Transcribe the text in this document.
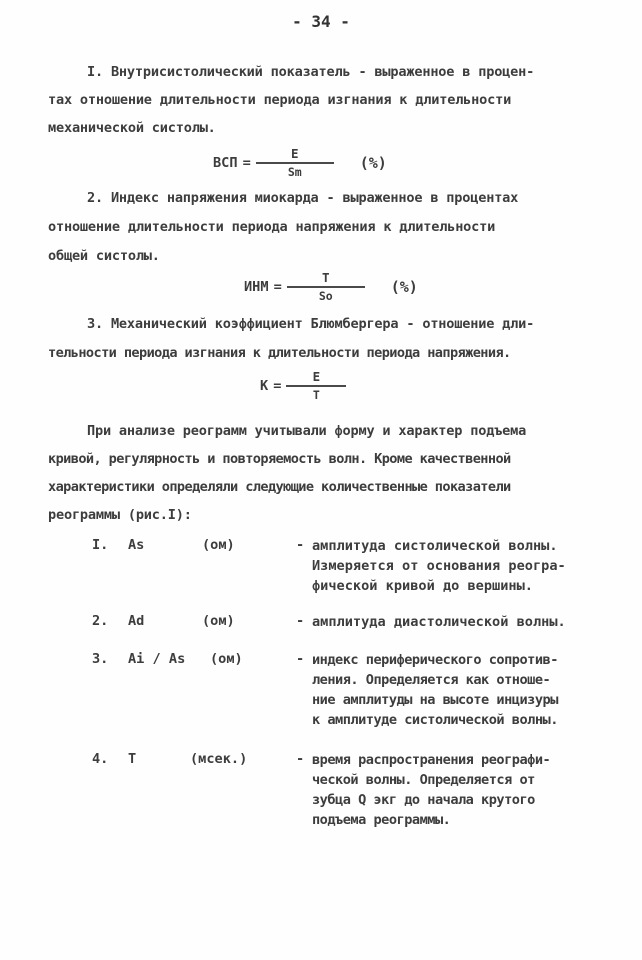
- 34 -
I. Внутрисистолический показатель - выраженное в процен-
тах отношение длительности периода изгнания к длительности
механической систолы.
ВСП = $\frac{E}{Sm}$ (%)
2. Индекс напряжения миокарда - выраженное в процентах
отношение длительности периода напряжения к длительности
общей систолы.
ИНМ = $\frac{T}{So}$ (%)
3. Механический коэффициент Блюмбергера - отношение дли-
тельности периода изгнания к длительности периода напряжения.
$K = \frac{E}{T}$
При анализе реограмм учитывали форму и характер подъема
кривой, регулярность и повторяемость волн. Кроме качественной
характеристики определяли следующие количественные показатели
реограммы (рис.I):
I. As	(ом)	- амплитуда систолической волны.
Измеряется от основания реогра-
фической кривой до вершины.
2. Ad	(ом)	- амплитуда диастолической волны.
3. Ai / As (ом)	- индекс периферического сопротив-
ления. Определяется как отноше-
ние амплитуды на высоте инцизуры
к амплитуде систолической волны.
4. T	(мсек.)	- время распространения реографи-
ческой волны. Определяется от
зубца Q экг до начала крутого
подъема реограммы.
